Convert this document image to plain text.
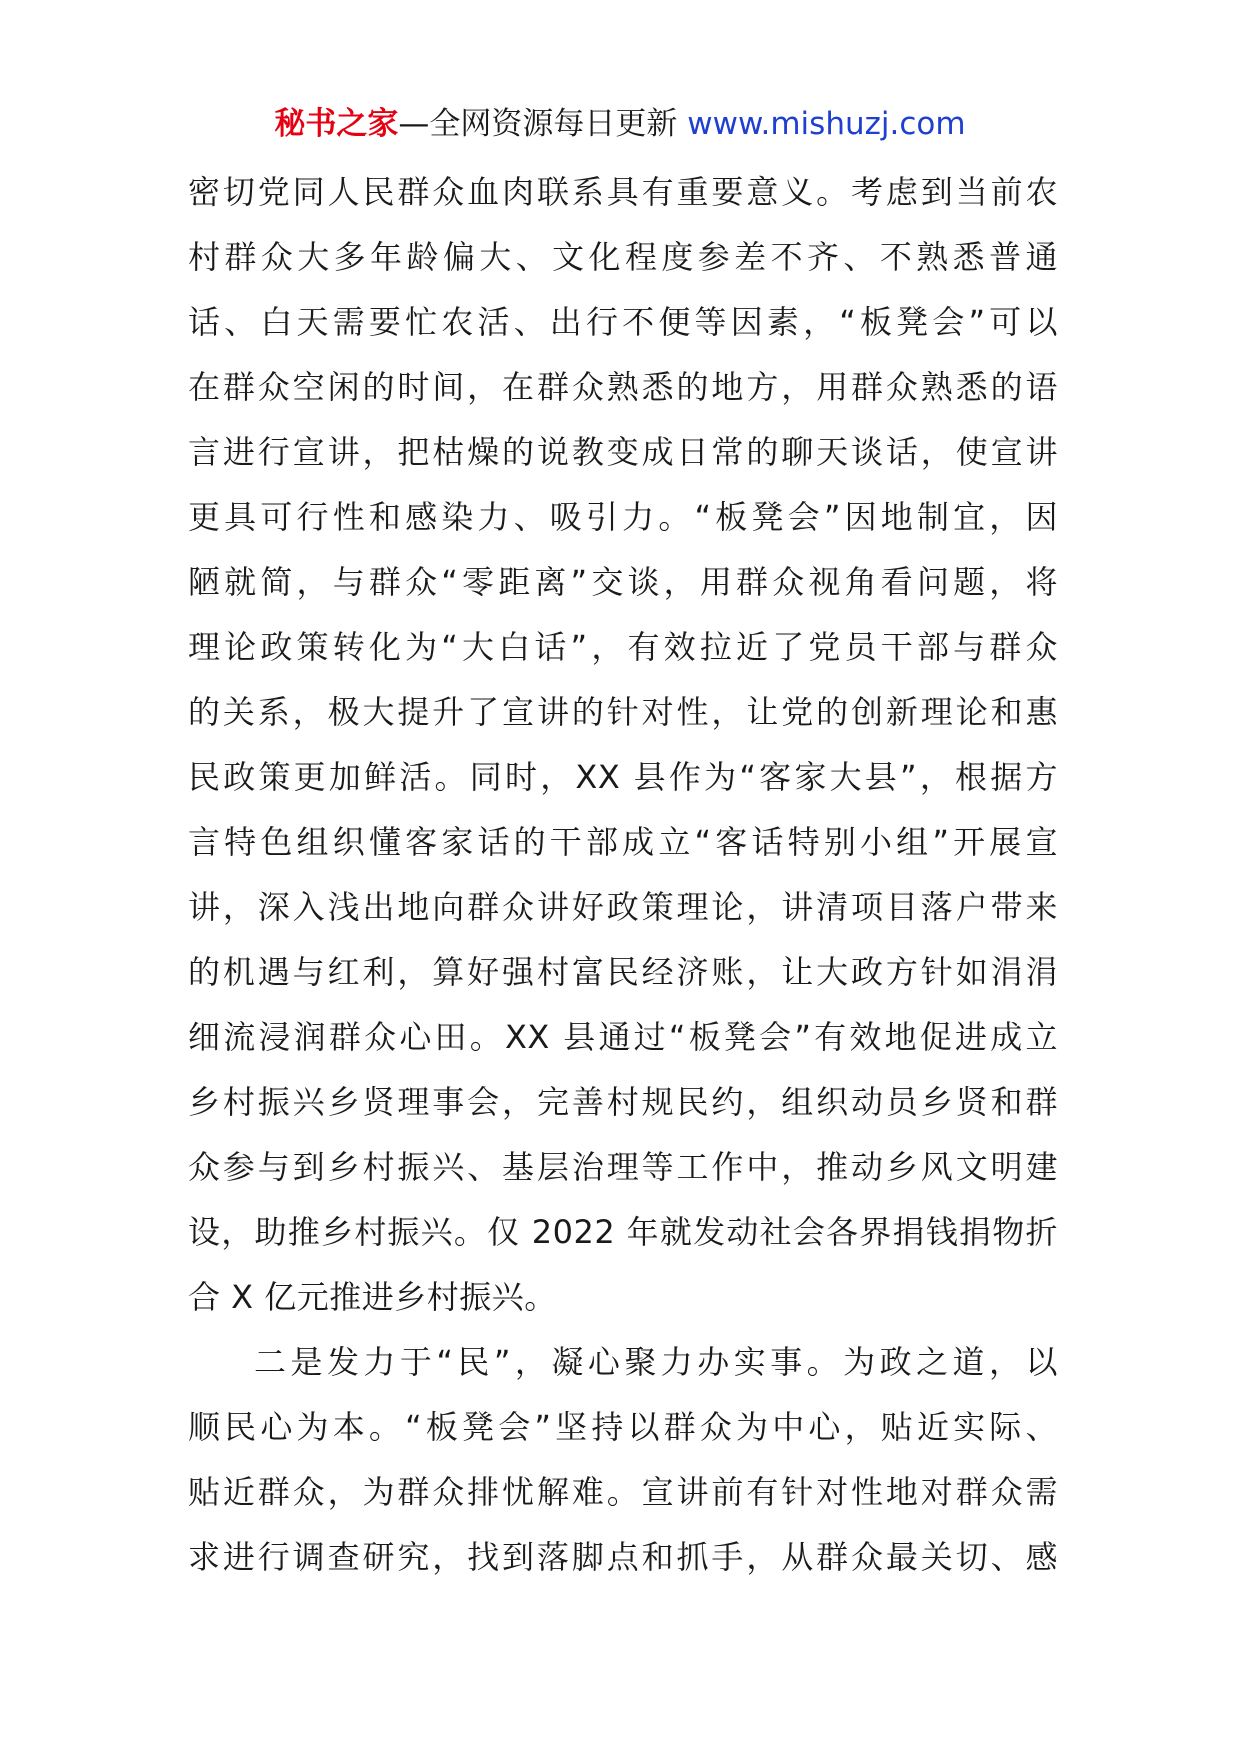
秘书之家—全网资源每日更新 www.mishuzj.com
密切党同人民群众血肉联系具有重要意义。考虑到当前农
村群众大多年龄偏大、文化程度参差不齐、不熟悉普通
话、白天需要忙农活、出行不便等因素，“板凳会”可以
在群众空闲的时间，在群众熟悉的地方，用群众熟悉的语
言进行宣讲，把枯燥的说教变成日常的聊天谈话，使宣讲
更具可行性和感染力、吸引力。“板凳会”因地制宜，因
陋就简，与群众“零距离”交谈，用群众视角看问题，将
理论政策转化为“大白话”，有效拉近了党员干部与群众
的关系，极大提升了宣讲的针对性，让党的创新理论和惠
民政策更加鲜活。同时，XX 县作为“客家大县”，根据方
言特色组织懂客家话的干部成立“客话特别小组”开展宣
讲，深入浅出地向群众讲好政策理论，讲清项目落户带来
的机遇与红利，算好强村富民经济账，让大政方针如涓涓
细流浸润群众心田。XX 县通过“板凳会”有效地促进成立
乡村振兴乡贤理事会，完善村规民约，组织动员乡贤和群
众参与到乡村振兴、基层治理等工作中，推动乡风文明建
设，助推乡村振兴。仅 2022 年就发动社会各界捐钱捐物折
合 X 亿元推进乡村振兴。
二是发力于“民”，凝心聚力办实事。为政之道，以
顺民心为本。“板凳会”坚持以群众为中心，贴近实际、
贴近群众，为群众排忧解难。宣讲前有针对性地对群众需
求进行调查研究，找到落脚点和抓手，从群众最关切、感
